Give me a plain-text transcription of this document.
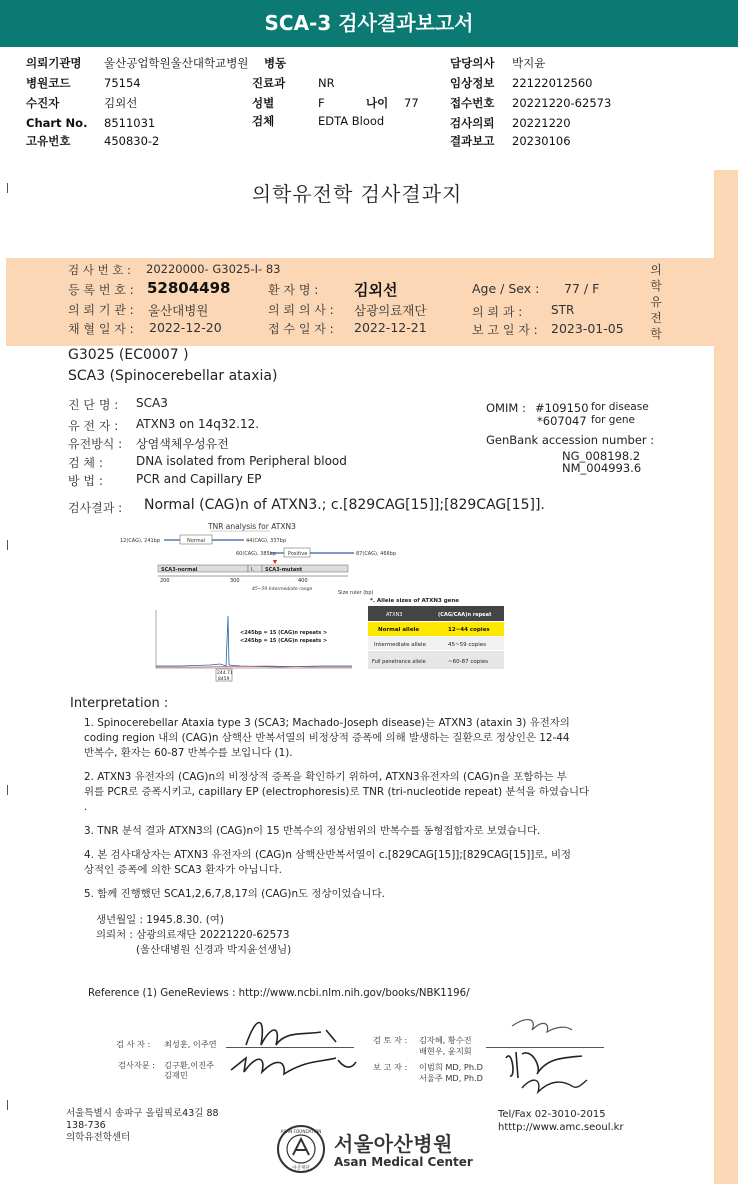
SCA-3 검사결과보고서
의뢰기관명 울산공업학원울산대학교병원
병원코드	75154
수진자	김외선
Chart No. 8511031
고유번호	450830-2
병동
진료과	NR
성별	F	나이 77
검체	EDTA Blood
담당의사 박지윤
임상정보 22122012560
접수번호 20221220-62573
검사의뢰 20221220
결과보고 20230106
의학유전학 검사결과지
의
학
유
전
학
검 사 번 호 : 20220000- G3025-I- 83
등 록 번 호 : 52804498	환 자 명 : 김외선	Age / Sex : 77 / F
의 뢰 기 관 : 울산대병원	의 뢰 의 사 : 삼광의료재단	의 뢰 과 : STR
채 혈 일 자 : 2022-12-20	접 수 일 자 : 2022-12-21	보 고 일 자 : 2023-01-05
G3025 (EC0007 )
SCA3 (Spinocerebellar ataxia)
진 단 명 : SCA3
유 전 자 : ATXN3 on 14q32.12.
유전방식 : 상염색체우성유전
검 체 :	DNA isolated from Peripheral blood
방 법 :	PCR and Capillary EP
OMIM : #109150 for disease
*607047 for gene
GenBank accession number :
NG_008198.2
NM_004993.6
검사결과 : Normal (CAG)n of ATXN3.; c.[829CAG[15]];[829CAG[15]].
TNR analysis for ATXN3
12(CAG), 241bp	Normal	44(CAG), 337bp
60(CAG), 385bp Positive	87(CAG), 466bp
SCA3-normal	I. SCA3-mutant
200	300	400
45~59 Intermediate range
Size ruler (bp)
<245bp = 15 (CAG)n repeats >
<245bp = 15 (CAG)n repeats >
244.71
8459
*. Allele sizes of ATXN3 gene
ATXN3	(CAG/CAA)n repeat
Normal allele	12~44 copies
Intermediate allele	45~59 copies
Full penetrance allele	~60-87 copies
Interpretation :
1. Spinocerebellar Ataxia type 3 (SCA3; Machado-Joseph disease)는 ATXN3 (ataxin 3) 유전자의
coding region 내의 (CAG)n 삼핵산 반복서열의 비정상적 증폭에 의해 발생하는 질환으로 정상인은 12-44
반복수, 환자는 60-87 반복수를 보입니다 (1).
2. ATXN3 유전자의 (CAG)n의 비정상적 증폭을 확인하기 위하여, ATXN3유전자의 (CAG)n을 포함하는 부
위를 PCR로 증폭시키고, capillary EP (electrophoresis)로 TNR (tri-nucleotide repeat) 분석을 하였습니다
.
3. TNR 분석 결과 ATXN3의 (CAG)n이 15 반복수의 정상범위의 반복수를 동형접합자로 보였습니다.
4. 본 검사대상자는 ATXN3 유전자의 (CAG)n 삼핵산반복서열이 c.[829CAG[15]];[829CAG[15]]로, 비정
상적인 증폭에 의한 SCA3 환자가 아닙니다.
5. 함께 진행했던 SCA1,2,6,7,8,17의 (CAG)n도 정상이었습니다.
생년월일 : 1945.8.30. (여)
의뢰처 : 삼광의료재단 20221220-62573
(울산대병원 신경과 박지윤선생님)
Reference (1) GeneReviews : http://www.ncbi.nlm.nih.gov/books/NBK1196/
검 사 자 : 최성훈, 이주연
검사자문 : 김구환,이진주
김재민
검 토 자 : 김자혜, 황수진
배현우, 윤지회
보 고 자 : 이범희 MD, Ph.D
서울주 MD, Ph.D
서울특별시 송파구 올림픽로43길 88
138-736
의학유전학센터
Tel/Fax 02-3010-2015
htttp://www.amc.seoul.kr
ASAN FOUNDATION
아산재단
서울아산병원
Asan Medical Center
